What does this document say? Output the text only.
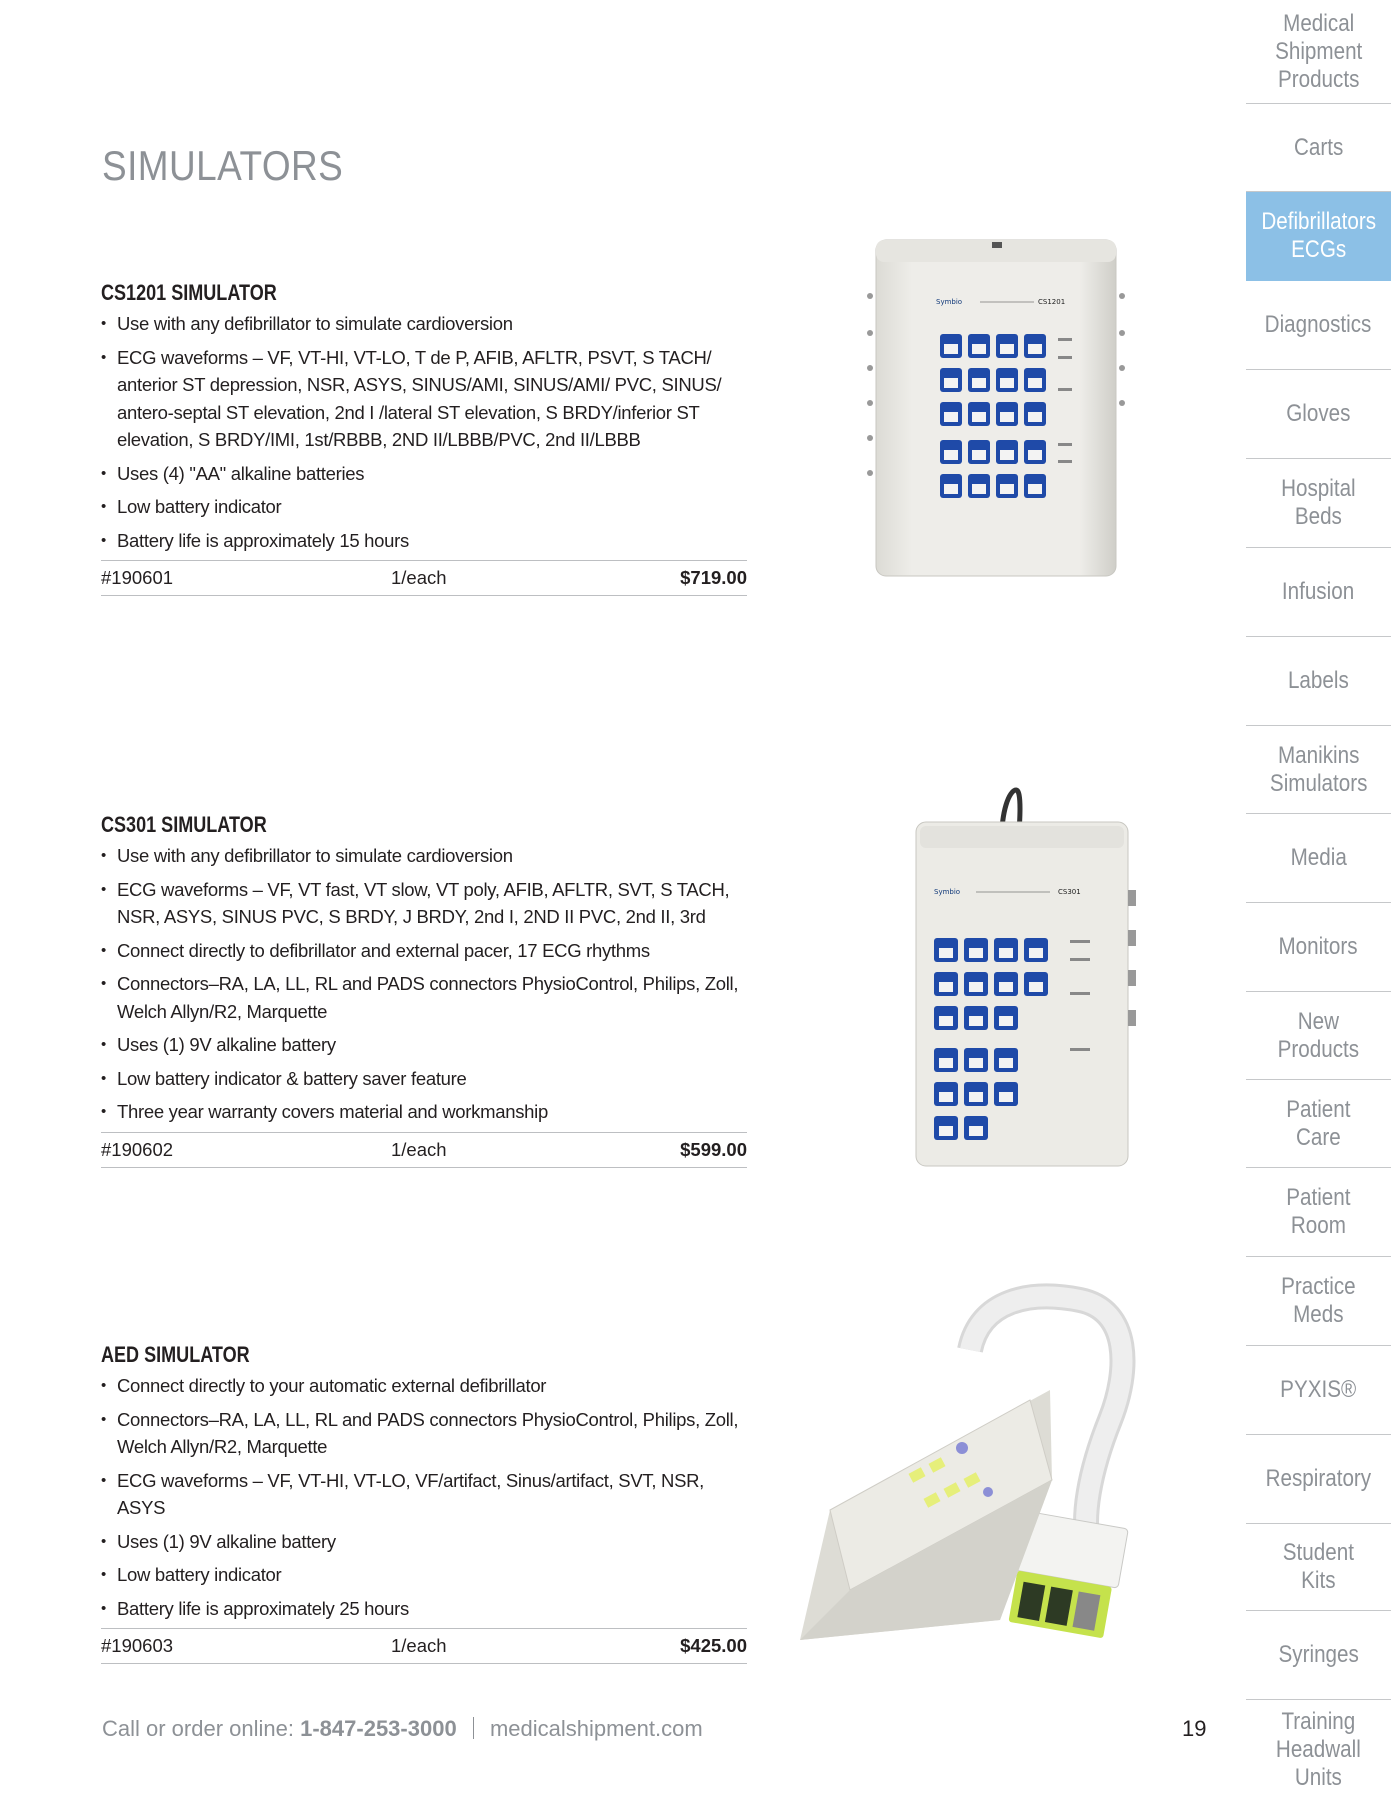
SIMULATORS
CS1201 SIMULATOR
• Use with any defibrillator to simulate cardioversion
• ECG waveforms – VF, VT-HI, VT-LO, T de P, AFIB, AFLTR, PSVT, S TACH/ anterior ST depression, NSR, ASYS, SINUS/AMI, SINUS/AMI/ PVC, SINUS/ antero-septal ST elevation, 2nd I /lateral ST elevation, S BRDY/inferior ST elevation, S BRDY/IMI, 1st/RBBB, 2ND II/LBBB/PVC, 2nd II/LBBB
• Uses (4) "AA" alkaline batteries
• Low battery indicator
• Battery life is approximately 15 hours
#190601	1/each	$719.00
CS301 SIMULATOR
• Use with any defibrillator to simulate cardioversion
• ECG waveforms – VF, VT fast, VT slow, VT poly, AFIB, AFLTR, SVT, S TACH, NSR, ASYS, SINUS PVC, S BRDY, J BRDY, 2nd I, 2ND II PVC, 2nd II, 3rd
• Connect directly to defibrillator and external pacer, 17 ECG rhythms
• Connectors–RA, LA, LL, RL and PADS connectors PhysioControl, Philips, Zoll, Welch Allyn/R2, Marquette
• Uses (1) 9V alkaline battery
• Low battery indicator & battery saver feature
• Three year warranty covers material and workmanship
#190602	1/each	$599.00
AED SIMULATOR
• Connect directly to your automatic external defibrillator
• Connectors–RA, LA, LL, RL and PADS connectors PhysioControl, Philips, Zoll, Welch Allyn/R2, Marquette
• ECG waveforms – VF, VT-HI, VT-LO, VF/artifact, Sinus/artifact, SVT, NSR, ASYS
• Uses (1) 9V alkaline battery
• Low battery indicator
• Battery life is approximately 25 hours
#190603	1/each	$425.00
Symbio	CS1201
Symbio	CS301
Call or order online: 1-847-253-3000 medicalshipment.com	19
Medical
Shipment
Products
Carts
Defibrillators
ECGs
Diagnostics
Gloves
Hospital
Beds
Infusion
Labels
Manikins
Simulators
Media
Monitors
New
Products
Patient
Care
Patient
Room
Practice
Meds
PYXIS®
Respiratory
Student
Kits
Syringes
Training
Headwall
Units
